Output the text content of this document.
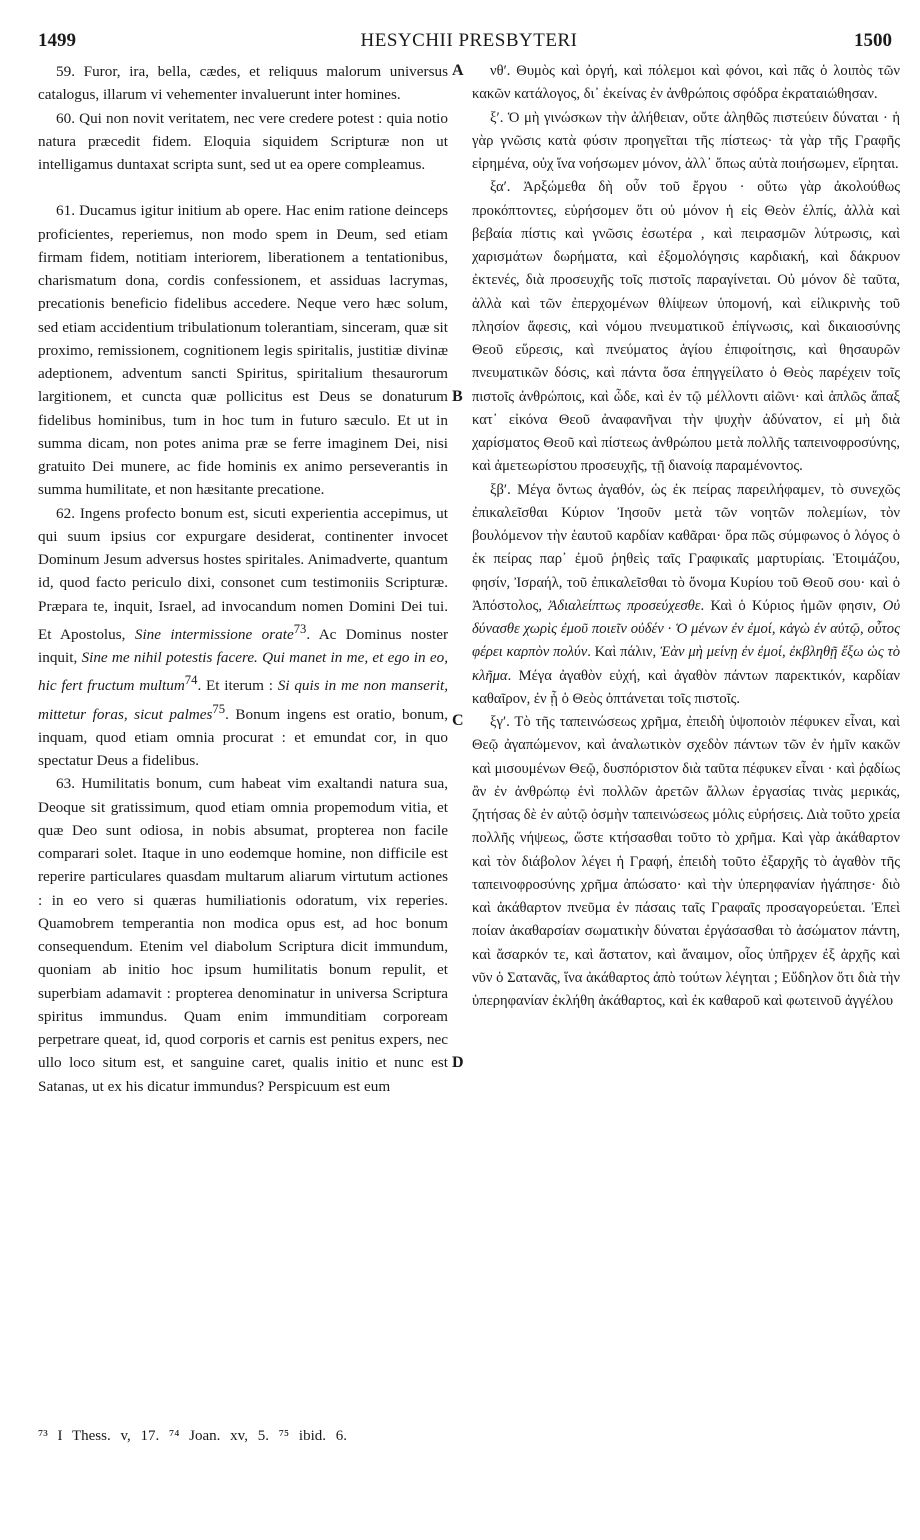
1499	HESYCHII PRESBYTERI	1500

59. Furor, ira, bella, cædes, et reliquus malorum universus catalogus, illarum vi vehementer invaluerunt inter homines.

60. Qui non novit veritatem, nec vere credere potest : quia notio natura præcedit fidem. Eloquia siquidem Scripturæ non ut intelligamus duntaxat scripta sunt, sed ut ea opere compleamus.

61. Ducamus igitur initium ab opere. Hac enim ratione deinceps proficientes, reperiemus, non modo spem in Deum, sed etiam firmam fidem, notitiam interiorem, liberationem a tentationibus, charismatum dona, cordis confessionem, et assiduas lacrymas, precationis beneficio fidelibus accedere. Neque vero hæc solum, sed etiam accidentium tribulationum tolerantiam, sinceram, quæ sit proximo, remissionem, cognitionem legis spiritalis, justitiæ divinæ adeptionem, adventum sancti Spiritus, spiritalium thesaurorum largitionem, et cuncta quæ pollicitus est Deus se donaturum fidelibus hominibus, tum in hoc tum in futuro sæculo. Et ut in summa dicam, non potes anima præ se ferre imaginem Dei, nisi gratuito Dei munere, ac fide hominis ex animo perseverantis in summa humilitate, et non hæsitante precatione.

62. Ingens profecto bonum est, sicuti experientia accepimus, ut qui suum ipsius cor expurgare desiderat, continenter invocet Dominum Jesum adversus hostes spiritales. Animadverte, quantum id, quod facto periculo dixi, consonet cum testimoniis Scripturæ. Præpara te, inquit, Israel, ad invocandum nomen Domini Dei tui. Et Apostolus, Sine intermissione orate$^{73}$. Ac Dominus noster inquit, Sine me nihil potestis facere. Qui manet in me, et ego in eo, hic fert fructum multum$^{74}$. Et iterum : Si quis in me non manserit, mittetur foras, sicut palmes$^{75}$. Bonum ingens est oratio, bonum, inquam, quod etiam omnia procurat : et emundat cor, in quo spectatur Deus a fidelibus.

63. Humilitatis bonum, cum habeat vim exaltandi natura sua, Deoque sit gratissimum, quod etiam omnia propemodum vitia, et quæ Deo sunt odiosa, in nobis absumat, propterea non facile comparari solet. Itaque in uno eodemque homine, non difficile est reperire particulares quasdam multarum aliarum virtutum actiones : in eo vero si quæras humiliationis odoratum, vix reperies. Quamobrem temperantia non modica opus est, ad hoc bonum consequendum. Etenim vel diabolum Scriptura dicit immundum, quoniam ab initio hoc ipsum humilitatis bonum repulit, et superbiam adamavit : propterea denominatur in universa Scriptura spiritus immundus. Quam enim immunditiam corpoream perpetrare queat, id, quod corporis et carnis est penitus expers, nec ullo loco situm est, et sanguine caret, qualis initio et nunc est Satanas, ut ex his dicatur immundus? Perspicuum est eum

A
B
C
D

νθʹ. Θυμὸς καὶ ὀργή, καὶ πόλεμοι καὶ φόνοι, καὶ πᾶς ὁ λοιπὸς τῶν κακῶν κατάλογος, δι᾽ ἐκείνας ἐν ἀνθρώποις σφόδρα ἐκραταιώθησαν.

ξʹ. Ὁ μὴ γινώσκων τὴν ἀλήθειαν, οὔτε ἀληθῶς πιστεύειν δύναται · ἡ γὰρ γνῶσις κατὰ φύσιν προηγεῖται τῆς πίστεως· τὰ γὰρ τῆς Γραφῆς εἰρημένα, οὐχ ἵνα νοήσωμεν μόνον, ἀλλ᾽ ὅπως αὐτὰ ποιήσωμεν, εἴρηται.

ξαʹ. Ἀρξώμεθα δὴ οὖν τοῦ ἔργου · οὕτω γὰρ ἀκολούθως προκόπτοντες, εὑρήσομεν ὅτι οὐ μόνον ἡ εἰς Θεὸν ἐλπίς, ἀλλὰ καὶ βεβαία πίστις καὶ γνῶσις ἐσωτέρα , καὶ πειρασμῶν λύτρωσις, καὶ χαρισμάτων δωρήματα, καὶ ἐξομολόγησις καρδιακή, καὶ δάκρυον ἐκτενές, διὰ προσευχῆς τοῖς πιστοῖς παραγίνεται. Οὐ μόνον δὲ ταῦτα, ἀλλὰ καὶ τῶν ἐπερχομένων θλίψεων ὑπομονή, καὶ εἰλικρινὴς τοῦ πλησίον ἄφεσις, καὶ νόμου πνευματικοῦ ἐπίγνωσις, καὶ δικαιοσύνης Θεοῦ εὕρεσις, καὶ πνεύματος ἁγίου ἐπιφοίτησις, καὶ θησαυρῶν πνευματικῶν δόσις, καὶ πάντα ὅσα ἐπηγγείλατο ὁ Θεὸς παρέχειν τοῖς πιστοῖς ἀνθρώποις, καὶ ὧδε, καὶ ἐν τῷ μέλλοντι αἰῶνι· καὶ ἁπλῶς ἅπαξ κατ᾽ εἰκόνα Θεοῦ ἀναφανῆναι τὴν ψυχὴν ἀδύνατον, εἰ μὴ διὰ χαρίσματος Θεοῦ καὶ πίστεως ἀνθρώπου μετὰ πολλῆς ταπεινοφροσύνης, καὶ ἀμετεωρίστου προσευχῆς, τῇ διανοίᾳ παραμένοντος.

ξβʹ. Μέγα ὄντως ἀγαθόν, ὡς ἐκ πείρας παρειλήφαμεν, τὸ συνεχῶς ἐπικαλεῖσθαι Κύριον Ἰησοῦν μετὰ τῶν νοητῶν πολεμίων, τὸν βουλόμενον τὴν ἑαυτοῦ καρδίαν καθᾶραι· ὅρα πῶς σύμφωνος ὁ λόγος ὁ ἐκ πείρας παρ᾽ ἐμοῦ ῥηθεὶς ταῖς Γραφικαῖς μαρτυρίαις. Ἑτοιμάζου, φησίν, Ἰσραήλ, τοῦ ἐπικαλεῖσθαι τὸ ὄνομα Κυρίου τοῦ Θεοῦ σου· καὶ ὁ Ἀπόστολος, Ἀδιαλείπτως προσεύχεσθε. Καὶ ὁ Κύριος ἡμῶν φησιν, Οὐ δύνασθε χωρὶς ἐμοῦ ποιεῖν οὐδέν · Ὁ μένων ἐν ἐμοί, κἀγὼ ἐν αὐτῷ, οὗτος φέρει καρπὸν πολύν. Καὶ πάλιν, Ἐὰν μὴ μείνῃ ἐν ἐμοί, ἐκβληθῇ ἔξω ὡς τὸ κλῆμα. Μέγα ἀγαθὸν εὐχή, καὶ ἀγαθὸν πάντων παρεκτικόν, καρδίαν καθαῖρον, ἐν ᾗ ὁ Θεὸς ὀπτάνεται τοῖς πιστοῖς.

ξγʹ. Τὸ τῆς ταπεινώσεως χρῆμα, ἐπειδὴ ὑψοποιὸν πέφυκεν εἶναι, καὶ Θεῷ ἀγαπώμενον, καὶ ἀναλωτικὸν σχεδὸν πάντων τῶν ἐν ἡμῖν κακῶν καὶ μισουμένων Θεῷ, δυσπόριστον διὰ ταῦτα πέφυκεν εἶναι · καὶ ῥᾳδίως ἂν ἐν ἀνθρώπῳ ἑνὶ πολλῶν ἀρετῶν ἄλλων ἐργασίας τινὰς μερικάς, ζητήσας δὲ ἐν αὐτῷ ὀσμὴν ταπεινώσεως μόλις εὑρήσεις. Διὰ τοῦτο χρεία πολλῆς νήψεως, ὥστε κτήσασθαι τοῦτο τὸ χρῆμα. Καὶ γὰρ ἀκάθαρτον καὶ τὸν διάβολον λέγει ἡ Γραφή, ἐπειδὴ τοῦτο ἐξαρχῆς τὸ ἀγαθὸν τῆς ταπεινοφροσύνης χρῆμα ἀπώσατο· καὶ τὴν ὑπερηφανίαν ἠγάπησε· διὸ καὶ ἀκάθαρτον πνεῦμα ἐν πάσαις ταῖς Γραφαῖς προσαγορεύεται. Ἐπεὶ ποίαν ἀκαθαρσίαν σωματικὴν δύναται ἐργάσασθαι τὸ ἀσώματον πάντη, καὶ ἄσαρκόν τε, καὶ ἄστατον, καὶ ἄναιμον, οἷος ὑπῆρχεν ἐξ ἀρχῆς καὶ νῦν ὁ Σατανᾶς, ἵνα ἀκάθαρτος ἀπὸ τούτων λέγηται ; Εὔδηλον ὅτι διὰ τὴν ὑπερηφανίαν ἐκλήθη ἀκάθαρτος, καὶ ἐκ καθαροῦ καὶ φωτεινοῦ ἀγγέλου

⁷³ I Thess. v, 17. ⁷⁴ Joan. xv, 5. ⁷⁵ ibid. 6.
